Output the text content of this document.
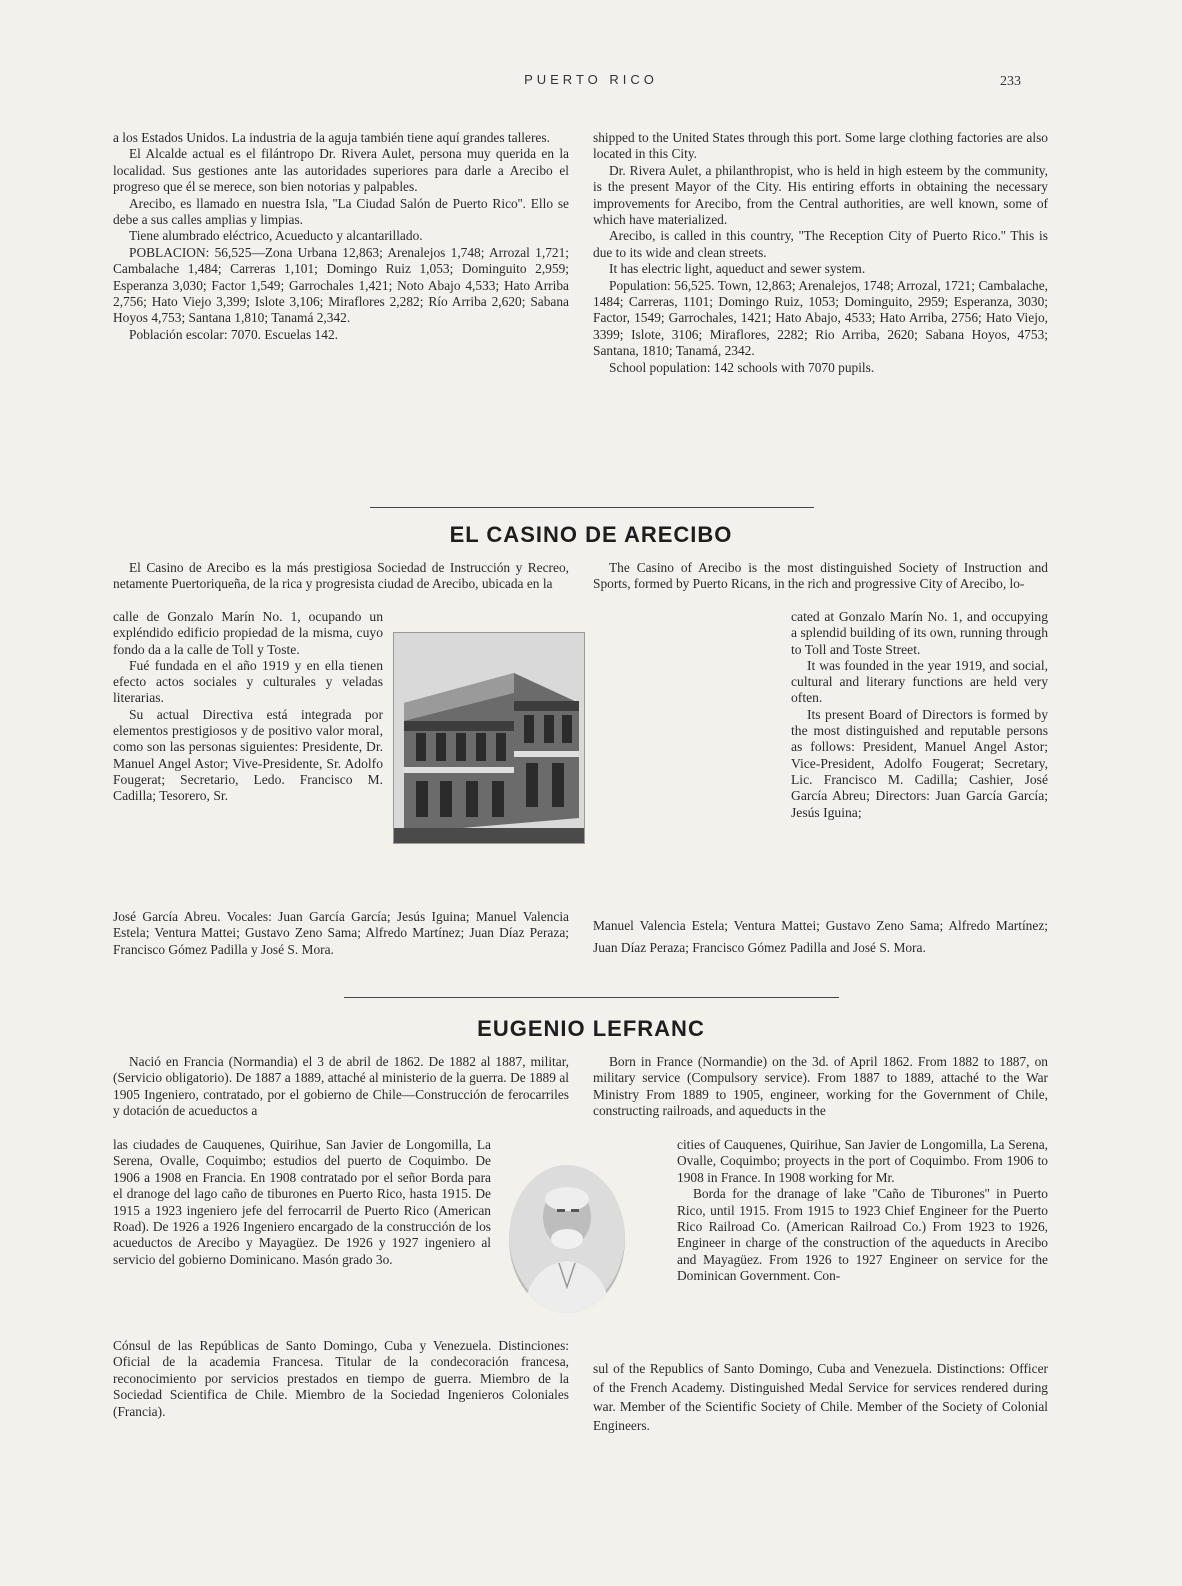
PUERTO RICO	233

a los Estados Unidos. La industria de la aguja también tiene aquí grandes talleres.

El Alcalde actual es el filántropo Dr. Rivera Aulet, persona muy querida en la localidad. Sus gestiones ante las autoridades superiores para darle a Arecibo el progreso que él se merece, son bien notorias y palpables.

Arecibo, es llamado en nuestra Isla, ''La Ciudad Salón de Puerto Rico''. Ello se debe a sus calles amplias y limpias.

Tiene alumbrado eléctrico, Acueducto y alcantarillado.

POBLACION: 56,525—Zona Urbana 12,863; Arenalejos 1,748; Arrozal 1,721; Cambalache 1,484; Carreras 1,101; Domingo Ruiz 1,053; Dominguito 2,959; Esperanza 3,030; Factor 1,549; Garrochales 1,421; Noto Abajo 4,533; Hato Arriba 2,756; Hato Viejo 3,399; Islote 3,106; Miraflores 2,282; Río Arriba 2,620; Sabana Hoyos 4,753; Santana 1,810; Tanamá 2,342.

Población escolar: 7070. Escuelas 142.

shipped to the United States through this port. Some large clothing factories are also located in this City.

Dr. Rivera Aulet, a philanthropist, who is held in high esteem by the community, is the present Mayor of the City. His entiring efforts in obtaining the necessary improvements for Arecibo, from the Central authorities, are well known, some of which have materialized.

Arecibo, is called in this country, ''The Reception City of Puerto Rico.'' This is due to its wide and clean streets.

It has electric light, aqueduct and sewer system.

Population: 56,525. Town, 12,863; Arenalejos, 1748; Arrozal, 1721; Cambalache, 1484; Carreras, 1101; Domingo Ruiz, 1053; Dominguito, 2959; Esperanza, 3030; Factor, 1549; Garrochales, 1421; Hato Abajo, 4533; Hato Arriba, 2756; Hato Viejo, 3399; Islote, 3106; Miraflores, 2282; Rio Arriba, 2620; Sabana Hoyos, 4753; Santana, 1810; Tanamá, 2342.

School population: 142 schools with 7070 pupils.

EL CASINO DE ARECIBO

El Casino de Arecibo es la más prestigiosa Sociedad de Instrucción y Recreo, netamente Puertoriqueña, de la rica y progresista ciudad de Arecibo, ubicada en la

calle de Gonzalo Marín No. 1, ocupando un expléndido edificio propiedad de la misma, cuyo fondo da a la calle de Toll y Toste.

Fué fundada en el año 1919 y en ella tienen efecto actos sociales y culturales y veladas literarias.

Su actual Directiva está integrada por elementos prestigiosos y de positivo valor moral, como son las personas siguientes: Presidente, Dr. Manuel Angel Astor; Vive-Presidente, Sr. Adolfo Fougerat; Secretario, Ledo. Francisco M. Cadilla; Tesorero, Sr.

José García Abreu. Vocales: Juan García García; Jesús Iguina; Manuel Valencia Estela; Ventura Mattei; Gustavo Zeno Sama; Alfredo Martínez; Juan Díaz Peraza; Francisco Gómez Padilla y José S. Mora.

The Casino of Arecibo is the most distinguished Society of Instruction and Sports, formed by Puerto Ricans, in the rich and progressive City of Arecibo, lo-

cated at Gonzalo Marín No. 1, and occupying a splendid building of its own, running through to Toll and Toste Street.

It was founded in the year 1919, and social, cultural and literary functions are held very often.

Its present Board of Directors is formed by the most distinguished and reputable persons as follows: President, Manuel Angel Astor; Vice-President, Adolfo Fougerat; Secretary, Lic. Francisco M. Cadilla; Cashier, José García Abreu; Directors: Juan García García; Jesús Iguina;

Manuel Valencia Estela; Ventura Mattei; Gustavo Zeno Sama; Alfredo Martínez; Juan Díaz Peraza; Francisco Gómez Padilla and José S. Mora.

EUGENIO LEFRANC

Nació en Francia (Normandia) el 3 de abril de 1862. De 1882 al 1887, militar, (Servicio obligatorio). De 1887 a 1889, attaché al ministerio de la guerra. De 1889 al 1905 Ingeniero, contratado, por el gobierno de Chile—Construcción de ferocarriles y dotación de acueductos a

las ciudades de Cauquenes, Quirihue, San Javier de Longomilla, La Serena, Ovalle, Coquimbo; estudios del puerto de Coquimbo. De 1906 a 1908 en Francia. En 1908 contratado por el señor Borda para el dranoge del lago caño de tiburones en Puerto Rico, hasta 1915. De 1915 a 1923 ingeniero jefe del ferrocarril de Puerto Rico (American Road). De 1926 a 1926 Ingeniero encargado de la construcción de los acueductos de Arecibo y Mayagüez. De 1926 y 1927 ingeniero al servicio del gobierno Dominicano. Masón grado 3o.

Cónsul de las Repúblicas de Santo Domingo, Cuba y Venezuela. Distinciones: Oficial de la academia Francesa. Titular de la condecoración francesa, reconocimiento por servicios prestados en tiempo de guerra. Miembro de la Sociedad Scientifica de Chile. Miembro de la Sociedad Ingenieros Coloniales (Francia).

Born in France (Normandie) on the 3d. of April 1862. From 1882 to 1887, on military service (Compulsory service). From 1887 to 1889, attaché to the War Ministry From 1889 to 1905, engineer, working for the Government of Chile, constructing railroads, and aqueducts in the

cities of Cauquenes, Quirihue, San Javier de Longomilla, La Serena, Ovalle, Coquimbo; proyects in the port of Coquimbo. From 1906 to 1908 in France. In 1908 working for Mr.

Borda for the dranage of lake ''Caño de Tiburones'' in Puerto Rico, until 1915. From 1915 to 1923 Chief Engineer for the Puerto Rico Railroad Co. (American Railroad Co.) From 1923 to 1926, Engineer in charge of the construction of the aqueducts in Arecibo and Mayagüez. From 1926 to 1927 Engineer on service for the Dominican Government. Con-

sul of the Republics of Santo Domingo, Cuba and Venezuela. Distinctions: Officer of the French Academy. Distinguished Medal Service for services rendered during war. Member of the Scientific Society of Chile. Member of the Society of Colonial Engineers.
